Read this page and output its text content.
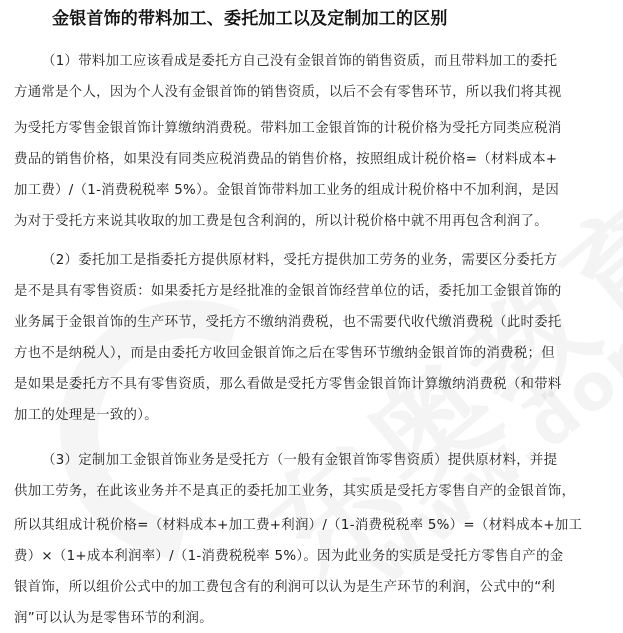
金银首饰的带料加工、委托加工以及定制加工的区别
（1）带料加工应该看成是委托方自己没有金银首饰的销售资质，而且带料加工的委托
方通常是个人，因为个人没有金银首饰的销售资质，以后不会有零售环节，所以我们将其视
为受托方零售金银首饰计算缴纳消费税。带料加工金银首饰的计税价格为受托方同类应税消
费品的销售价格，如果没有同类应税消费品的销售价格，按照组成计税价格=（材料成本+
加工费）/（1-消费税税率 5%）。金银首饰带料加工业务的组成计税价格中不加利润，是因
为对于受托方来说其收取的加工费是包含利润的，所以计税价格中就不用再包含利润了。
（2）委托加工是指委托方提供原材料，受托方提供加工劳务的业务，需要区分委托方
是不是具有零售资质：如果委托方是经批准的金银首饰经营单位的话，委托加工金银首饰的
业务属于金银首饰的生产环节，受托方不缴纳消费税，也不需要代收代缴消费税（此时委托
方也不是纳税人），而是由委托方收回金银首饰之后在零售环节缴纳金银首饰的消费税；但
是如果是委托方不具有零售资质，那么看做是受托方零售金银首饰计算缴纳消费税（和带料
加工的处理是一致的）。
（3）定制加工金银首饰业务是受托方（一般有金银首饰零售资质）提供原材料，并提
供加工劳务，在此该业务并不是真正的委托加工业务，其实质是受托方零售自产的金银首饰，
所以其组成计税价格=（材料成本+加工费+利润）/（1-消费税税率 5%）=（材料成本+加工
费）×（1+成本利润率）/（1-消费税税率 5%）。因为此业务的实质是受托方零售自产的金
银首饰，所以组价公式中的加工费包含有的利润可以认为是生产环节的利润，公式中的“利
润”可以认为是零售环节的利润。
